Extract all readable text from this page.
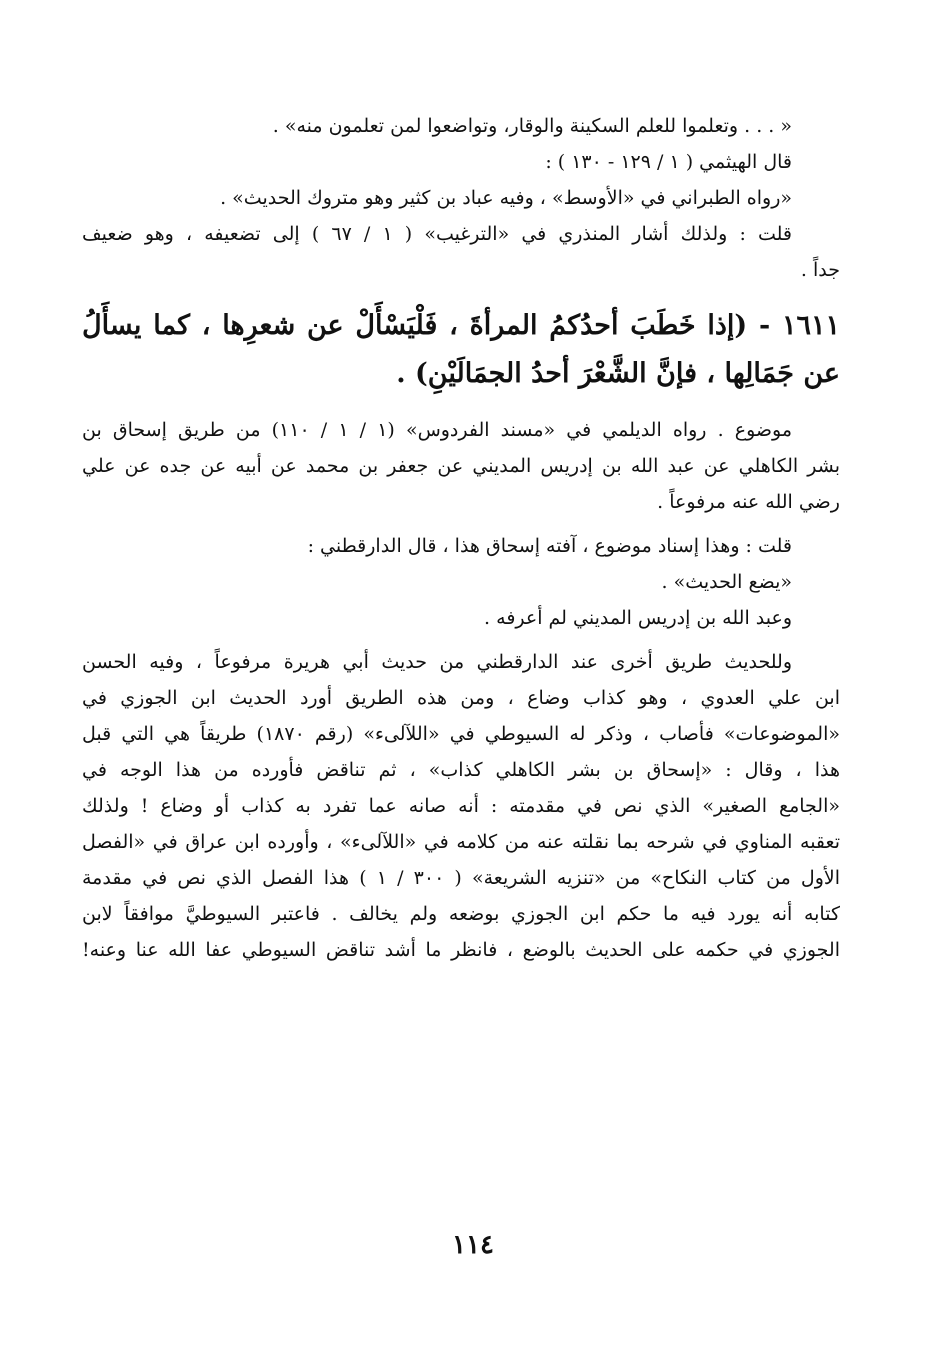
« . . . وتعلموا للعلم السكينة والوقار، وتواضعوا لمن تعلمون منه» .
قال الهيثمي ( ١ / ١٢٩ - ١٣٠ ) :
«رواه الطبراني في «الأوسط» ، وفيه عباد بن كثير وهو متروك الحديث» .
قلت : ولذلك أشار المنذري في «الترغيب» ( ١ / ٦٧ ) إلى تضعيفه ، وهو ضعيف
جداً .
١٦١١ - (إذا خَطَبَ أحدُكمُ المرأةَ ، فَلْيَسْأَلْ عن شعرِها ، كما يسأَلُ
عن جَمَالِها ، فإنَّ الشَّعْرَ أحدُ الجمَالَيْنِ) .
موضوع . رواه الديلمي في «مسند الفردوس» (١ / ١ / ١١٠) من طريق إسحاق بن
بشر الكاهلي عن عبد الله بن إدريس المديني عن جعفر بن محمد عن أبيه عن جده عن علي
رضي الله عنه مرفوعاً .
قلت : وهذا إسناد موضوع ، آفته إسحاق هذا ، قال الدارقطني :
«يضع الحديث» .
وعبد الله بن إدريس المديني لم أعرفه .
وللحديث طريق أخرى عند الدارقطني من حديث أبي هريرة مرفوعاً ، وفيه الحسن
ابن علي العدوي ، وهو كذاب وضاع ، ومن هذه الطريق أورد الحديث ابن الجوزي في
«الموضوعات» فأصاب ، وذكر له السيوطي في «اللآلىء» (رقم ١٨٧٠) طريقاً هي التي قبل
هذا ، وقال : «إسحاق بن بشر الكاهلي كذاب» ، ثم تناقض فأورده من هذا الوجه في
«الجامع الصغير» الذي نص في مقدمته : أنه صانه عما تفرد به كذاب أو وضاع ! ولذلك
تعقبه المناوي في شرحه بما نقلته عنه من كلامه في «اللآلىء» ، وأورده ابن عراق في «الفصل
الأول من كتاب النكاح» من «تنزيه الشريعة» ( ٣٠٠ / ١ ) هذا الفصل الذي نص في مقدمة
كتابه أنه يورد فيه ما حكم ابن الجوزي بوضعه ولم يخالف . فاعتبر السيوطيَّ موافقاً لابن
الجوزي في حكمه على الحديث بالوضع ، فانظر ما أشد تناقض السيوطي عفا الله عنا وعنه!
١١٤
